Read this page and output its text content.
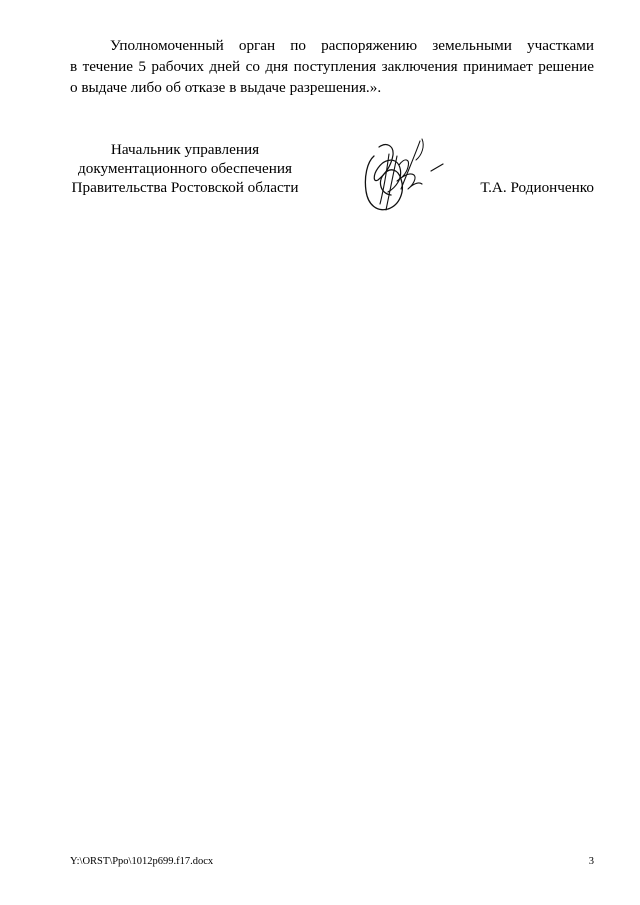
Уполномоченный орган по распоряжению земельными участками
в течение 5 рабочих дней со дня поступления заключения принимает решение
о выдаче либо об отказе в выдаче разрешения.».
Начальник управления
документационного обеспечения
Правительства Ростовской области	Т.А. Родионченко
Y:\ORST\Ppo\1012p699.f17.docx	3
